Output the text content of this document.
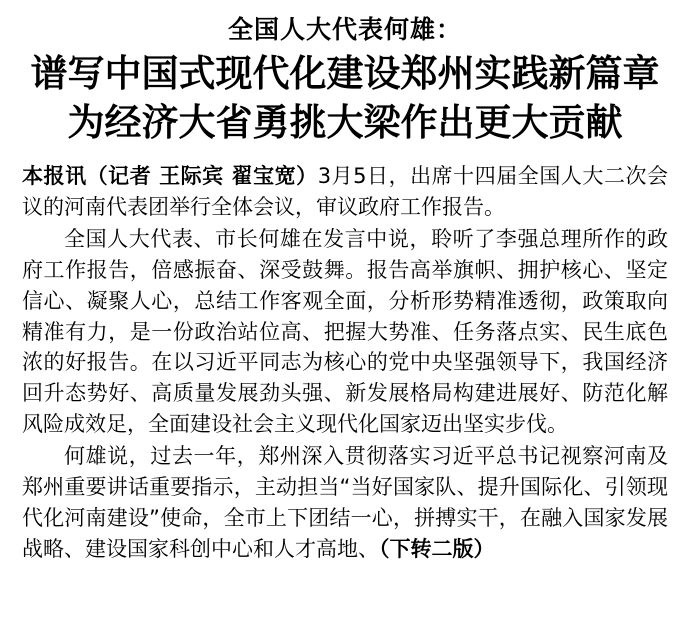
全国人大代表何雄：
谱写中国式现代化建设郑州实践新篇章
为经济大省勇挑大梁作出更大贡献

本报讯（记者 王际宾 翟宝宽）3月5日，出席十四届全国人大二次会议的河南代表团举行全体会议，审议政府工作报告。

全国人大代表、市长何雄在发言中说，聆听了李强总理所作的政府工作报告，倍感振奋、深受鼓舞。报告高举旗帜、拥护核心、坚定信心、凝聚人心，总结工作客观全面，分析形势精准透彻，政策取向精准有力，是一份政治站位高、把握大势准、任务落点实、民生底色浓的好报告。在以习近平同志为核心的党中央坚强领导下，我国经济回升态势好、高质量发展劲头强、新发展格局构建进展好、防范化解风险成效足，全面建设社会主义现代化国家迈出坚实步伐。

何雄说，过去一年，郑州深入贯彻落实习近平总书记视察河南及郑州重要讲话重要指示，主动担当“当好国家队、提升国际化、引领现代化河南建设”使命，全市上下团结一心，拼搏实干，在融入国家发展战略、建设国家科创中心和人才高地、（下转二版）
